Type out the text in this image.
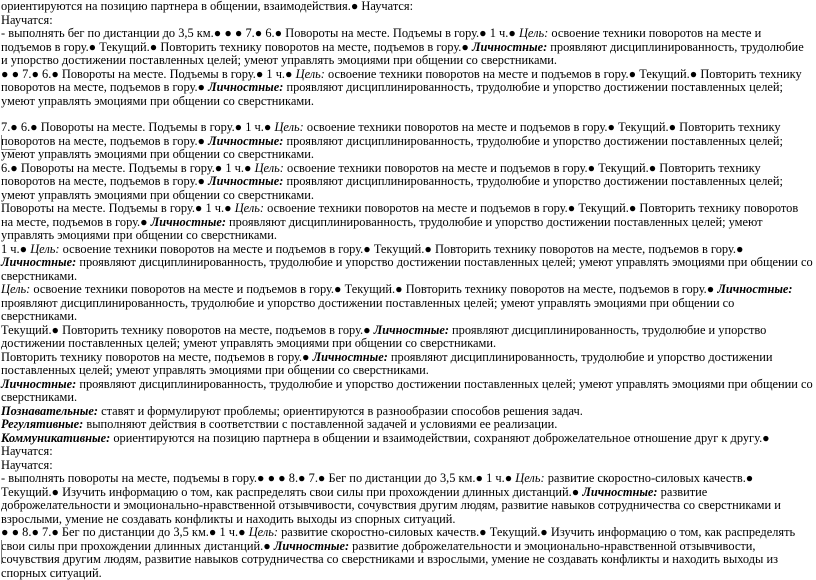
ориентируются на позицию партнера в общении, взаимодействия.● Научатся:

Научатся:

- выполнять бег по дистанции до 3,5 км.● ● ● 7.● 6.● Повороты на месте. Подъемы в гору.● 1 ч.● Цель: освоение техники поворотов на месте и подъемов в гору.● Текущий.● Повторить технику поворотов на месте, подъемов в гору.● Личностные: проявляют дисциплинированность, трудолюбие и упорство достижении поставленных целей; умеют управлять эмоциями при общении со сверстниками.

● ● 7.● 6.● Повороты на месте. Подъемы в гору.● 1 ч.● Цель: освоение техники поворотов на месте и подъемов в гору.● Текущий.● Повторить технику поворотов на месте, подъемов в гору.● Личностные: проявляют дисциплинированность, трудолюбие и упорство достижении поставленных целей; умеют управлять эмоциями при общении со сверстниками.

7.● 6.● Повороты на месте. Подъемы в гору.● 1 ч.● Цель: освоение техники поворотов на месте и подъемов в гору.● Текущий.● Повторить технику поворотов на месте, подъемов в гору.● Личностные: проявляют дисциплинированность, трудолюбие и упорство достижении поставленных целей; умеют управлять эмоциями при общении со сверстниками.

6.● Повороты на месте. Подъемы в гору.● 1 ч.● Цель: освоение техники поворотов на месте и подъемов в гору.● Текущий.● Повторить технику поворотов на месте, подъемов в гору.● Личностные: проявляют дисциплинированность, трудолюбие и упорство достижении поставленных целей; умеют управлять эмоциями при общении со сверстниками.

Повороты на месте. Подъемы в гору.● 1 ч.● Цель: освоение техники поворотов на месте и подъемов в гору.● Текущий.● Повторить технику поворотов на месте, подъемов в гору.● Личностные: проявляют дисциплинированность, трудолюбие и упорство достижении поставленных целей; умеют управлять эмоциями при общении со сверстниками.

1 ч.● Цель: освоение техники поворотов на месте и подъемов в гору.● Текущий.● Повторить технику поворотов на месте, подъемов в гору.● Личностные: проявляют дисциплинированность, трудолюбие и упорство достижении поставленных целей; умеют управлять эмоциями при общении со сверстниками.

Цель: освоение техники поворотов на месте и подъемов в гору.● Текущий.● Повторить технику поворотов на месте, подъемов в гору.● Личностные: проявляют дисциплинированность, трудолюбие и упорство достижении поставленных целей; умеют управлять эмоциями при общении со сверстниками.

Текущий.● Повторить технику поворотов на месте, подъемов в гору.● Личностные: проявляют дисциплинированность, трудолюбие и упорство достижении поставленных целей; умеют управлять эмоциями при общении со сверстниками.

Повторить технику поворотов на месте, подъемов в гору.● Личностные: проявляют дисциплинированность, трудолюбие и упорство достижении поставленных целей; умеют управлять эмоциями при общении со сверстниками.

Личностные: проявляют дисциплинированность, трудолюбие и упорство достижении поставленных целей; умеют управлять эмоциями при общении со сверстниками.

Познавательные: ставят и формулируют проблемы; ориентируются в разнообразии способов решения задач.

Регулятивные: выполняют действия в соответствии с поставленной задачей и условиями ее реализации.

Коммуникативные: ориентируются на позицию партнера в общении и взаимодействии, сохраняют доброжелательное отношение друг к другу.● Научатся:

Научатся:

- выполнять повороты на месте, подъемы в гору.● ● ● 8.● 7.● Бег по дистанции до 3,5 км.● 1 ч.● Цель: развитие скоростно-силовых качеств.● Текущий.● Изучить информацию о том, как распределять свои силы при прохождении длинных дистанций.● Личностные: развитие доброжелательности и эмоционально-нравственной отзывчивости, сочувствия другим людям, развитие навыков сотрудничества со сверстниками и взрослыми, умение не создавать конфликты и находить выходы из спорных ситуаций.

● ● 8.● 7.● Бег по дистанции до 3,5 км.● 1 ч.● Цель: развитие скоростно-силовых качеств.● Текущий.● Изучить информацию о том, как распределять свои силы при прохождении длинных дистанций.● Личностные: развитие доброжелательности и эмоционально-нравственной отзывчивости, сочувствия другим людям, развитие навыков сотрудничества со сверстниками и взрослыми, умение не создавать конфликты и находить выходы из спорных ситуаций.
